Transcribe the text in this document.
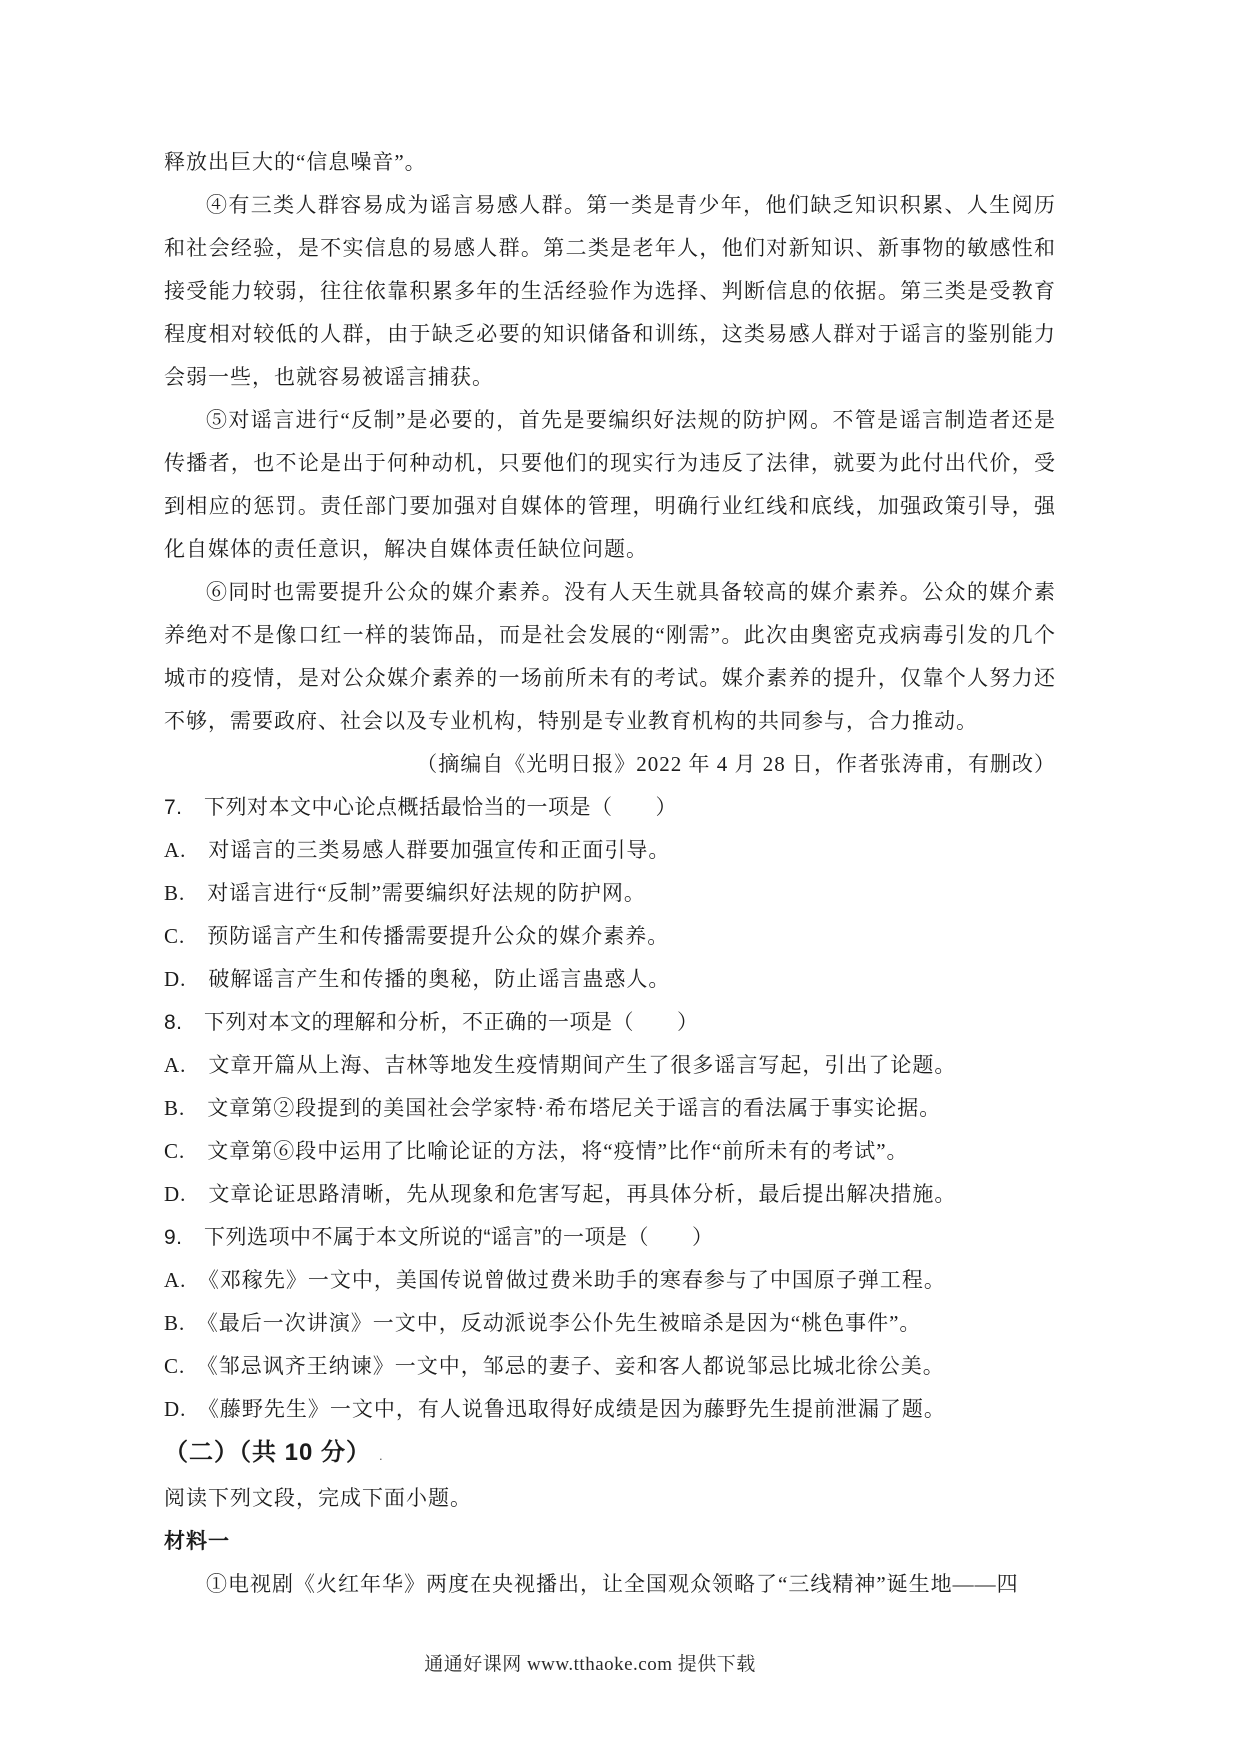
释放出巨大的“信息噪音”。

④有三类人群容易成为谣言易感人群。第一类是青少年，他们缺乏知识积累、人生阅历和社会经验，是不实信息的易感人群。第二类是老年人，他们对新知识、新事物的敏感性和接受能力较弱，往往依靠积累多年的生活经验作为选择、判断信息的依据。第三类是受教育程度相对较低的人群，由于缺乏必要的知识储备和训练，这类易感人群对于谣言的鉴别能力会弱一些，也就容易被谣言捕获。

⑤对谣言进行“反制”是必要的，首先是要编织好法规的防护网。不管是谣言制造者还是传播者，也不论是出于何种动机，只要他们的现实行为违反了法律，就要为此付出代价，受到相应的惩罚。责任部门要加强对自媒体的管理，明确行业红线和底线，加强政策引导，强化自媒体的责任意识，解决自媒体责任缺位问题。

⑥同时也需要提升公众的媒介素养。没有人天生就具备较高的媒介素养。公众的媒介素养绝对不是像口红一样的装饰品，而是社会发展的“刚需”。此次由奥密克戎病毒引发的几个城市的疫情，是对公众媒介素养的一场前所未有的考试。媒介素养的提升，仅靠个人努力还不够，需要政府、社会以及专业机构，特别是专业教育机构的共同参与，合力推动。

（摘编自《光明日报》2022 年 4 月 28 日，作者张涛甫，有删改）

7.　下列对本文中心论点概括最恰当的一项是（　　）

A.　对谣言的三类易感人群要加强宣传和正面引导。

B.　对谣言进行“反制”需要编织好法规的防护网。

C.　预防谣言产生和传播需要提升公众的媒介素养。

D.　破解谣言产生和传播的奥秘，防止谣言蛊惑人。

8.　下列对本文的理解和分析，不正确的一项是（　　）

A.　文章开篇从上海、吉林等地发生疫情期间产生了很多谣言写起，引出了论题。

B.　文章第②段提到的美国社会学家特·希布塔尼关于谣言的看法属于事实论据。

C.　文章第⑥段中运用了比喻论证的方法，将“疫情”比作“前所未有的考试”。

D.　文章论证思路清晰，先从现象和危害写起，再具体分析，最后提出解决措施。

9.　下列选项中不属于本文所说的“谣言”的一项是（　　）

A.　《邓稼先》一文中，美国传说曾做过费米助手的寒春参与了中国原子弹工程。

B.　《最后一次讲演》一文中，反动派说李公仆先生被暗杀是因为“桃色事件”。

C.　《邹忌讽齐王纳谏》一文中，邹忌的妻子、妾和客人都说邹忌比城北徐公美。

D.　《藤野先生》一文中，有人说鲁迅取得好成绩是因为藤野先生提前泄漏了题。

（二）（共 10 分） .

阅读下列文段，完成下面小题。

材料一

①电视剧《火红年华》两度在央视播出，让全国观众领略了“三线精神”诞生地——四

通通好课网 www.tthaoke.com 提供下载
